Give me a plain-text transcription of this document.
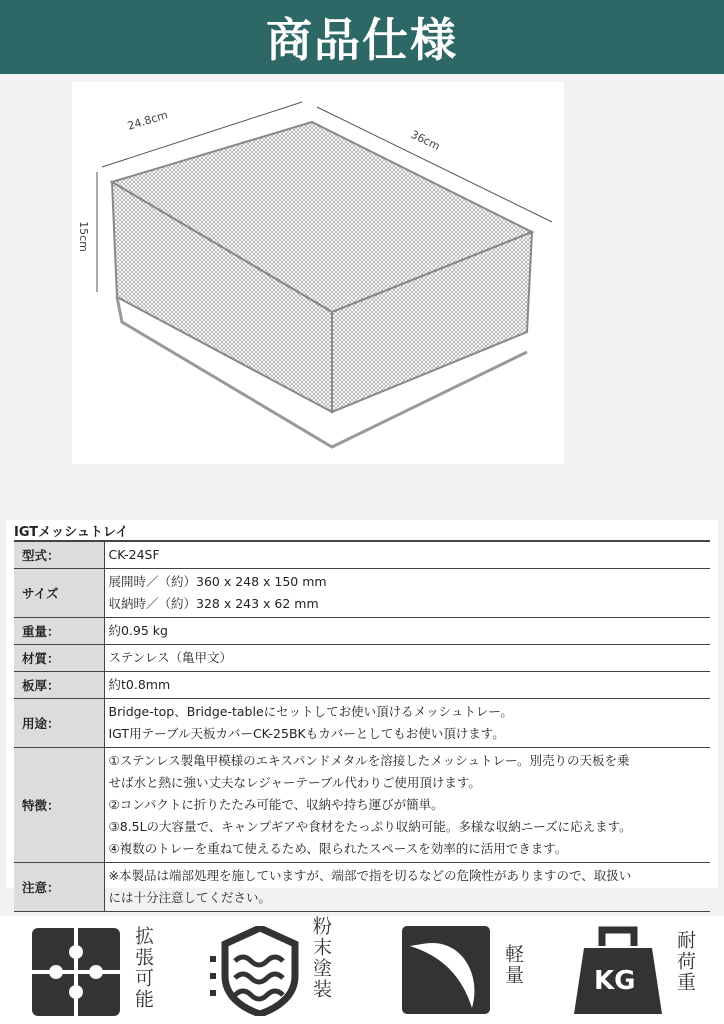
商品仕様
24.8cm
36cm
15cm
IGTメッシュトレイ
型式：	CK-24SF

サイズ	展開時／（約）360 x 248 x 150 mm
収納時／（約）328 x 243 x 62 mm

重量：	約0.95 kg

材質：	ステンレス（亀甲文）

板厚：	約t0.8mm

用途：	Bridge-top、Bridge-tableにセットしてお使い頂けるメッシュトレー。
IGT用テーブル天板カバーCK-25BKもカバーとしてもお使い頂けます。

特徴：	①ステンレス製亀甲模様のエキスパンドメタルを溶接したメッシュトレー。別売りの天板を乗
せば水と熱に強い丈夫なレジャーテーブル代わりご使用頂けます。
②コンパクトに折りたたみ可能で、収納や持ち運びが簡単。
③8.5Lの大容量で、キャンプギアや食材をたっぷり収納可能。多様な収納ニーズに応えます。
④複数のトレーを重ねて使えるため、限られたスペースを効率的に活用できます。

注意：	※本製品は端部処理を施していますが、端部で指を切るなどの危険性がありますので、取扱い
には十分注意してください。
拡張可能	粉末塗装	軽量	KG 耐荷重
